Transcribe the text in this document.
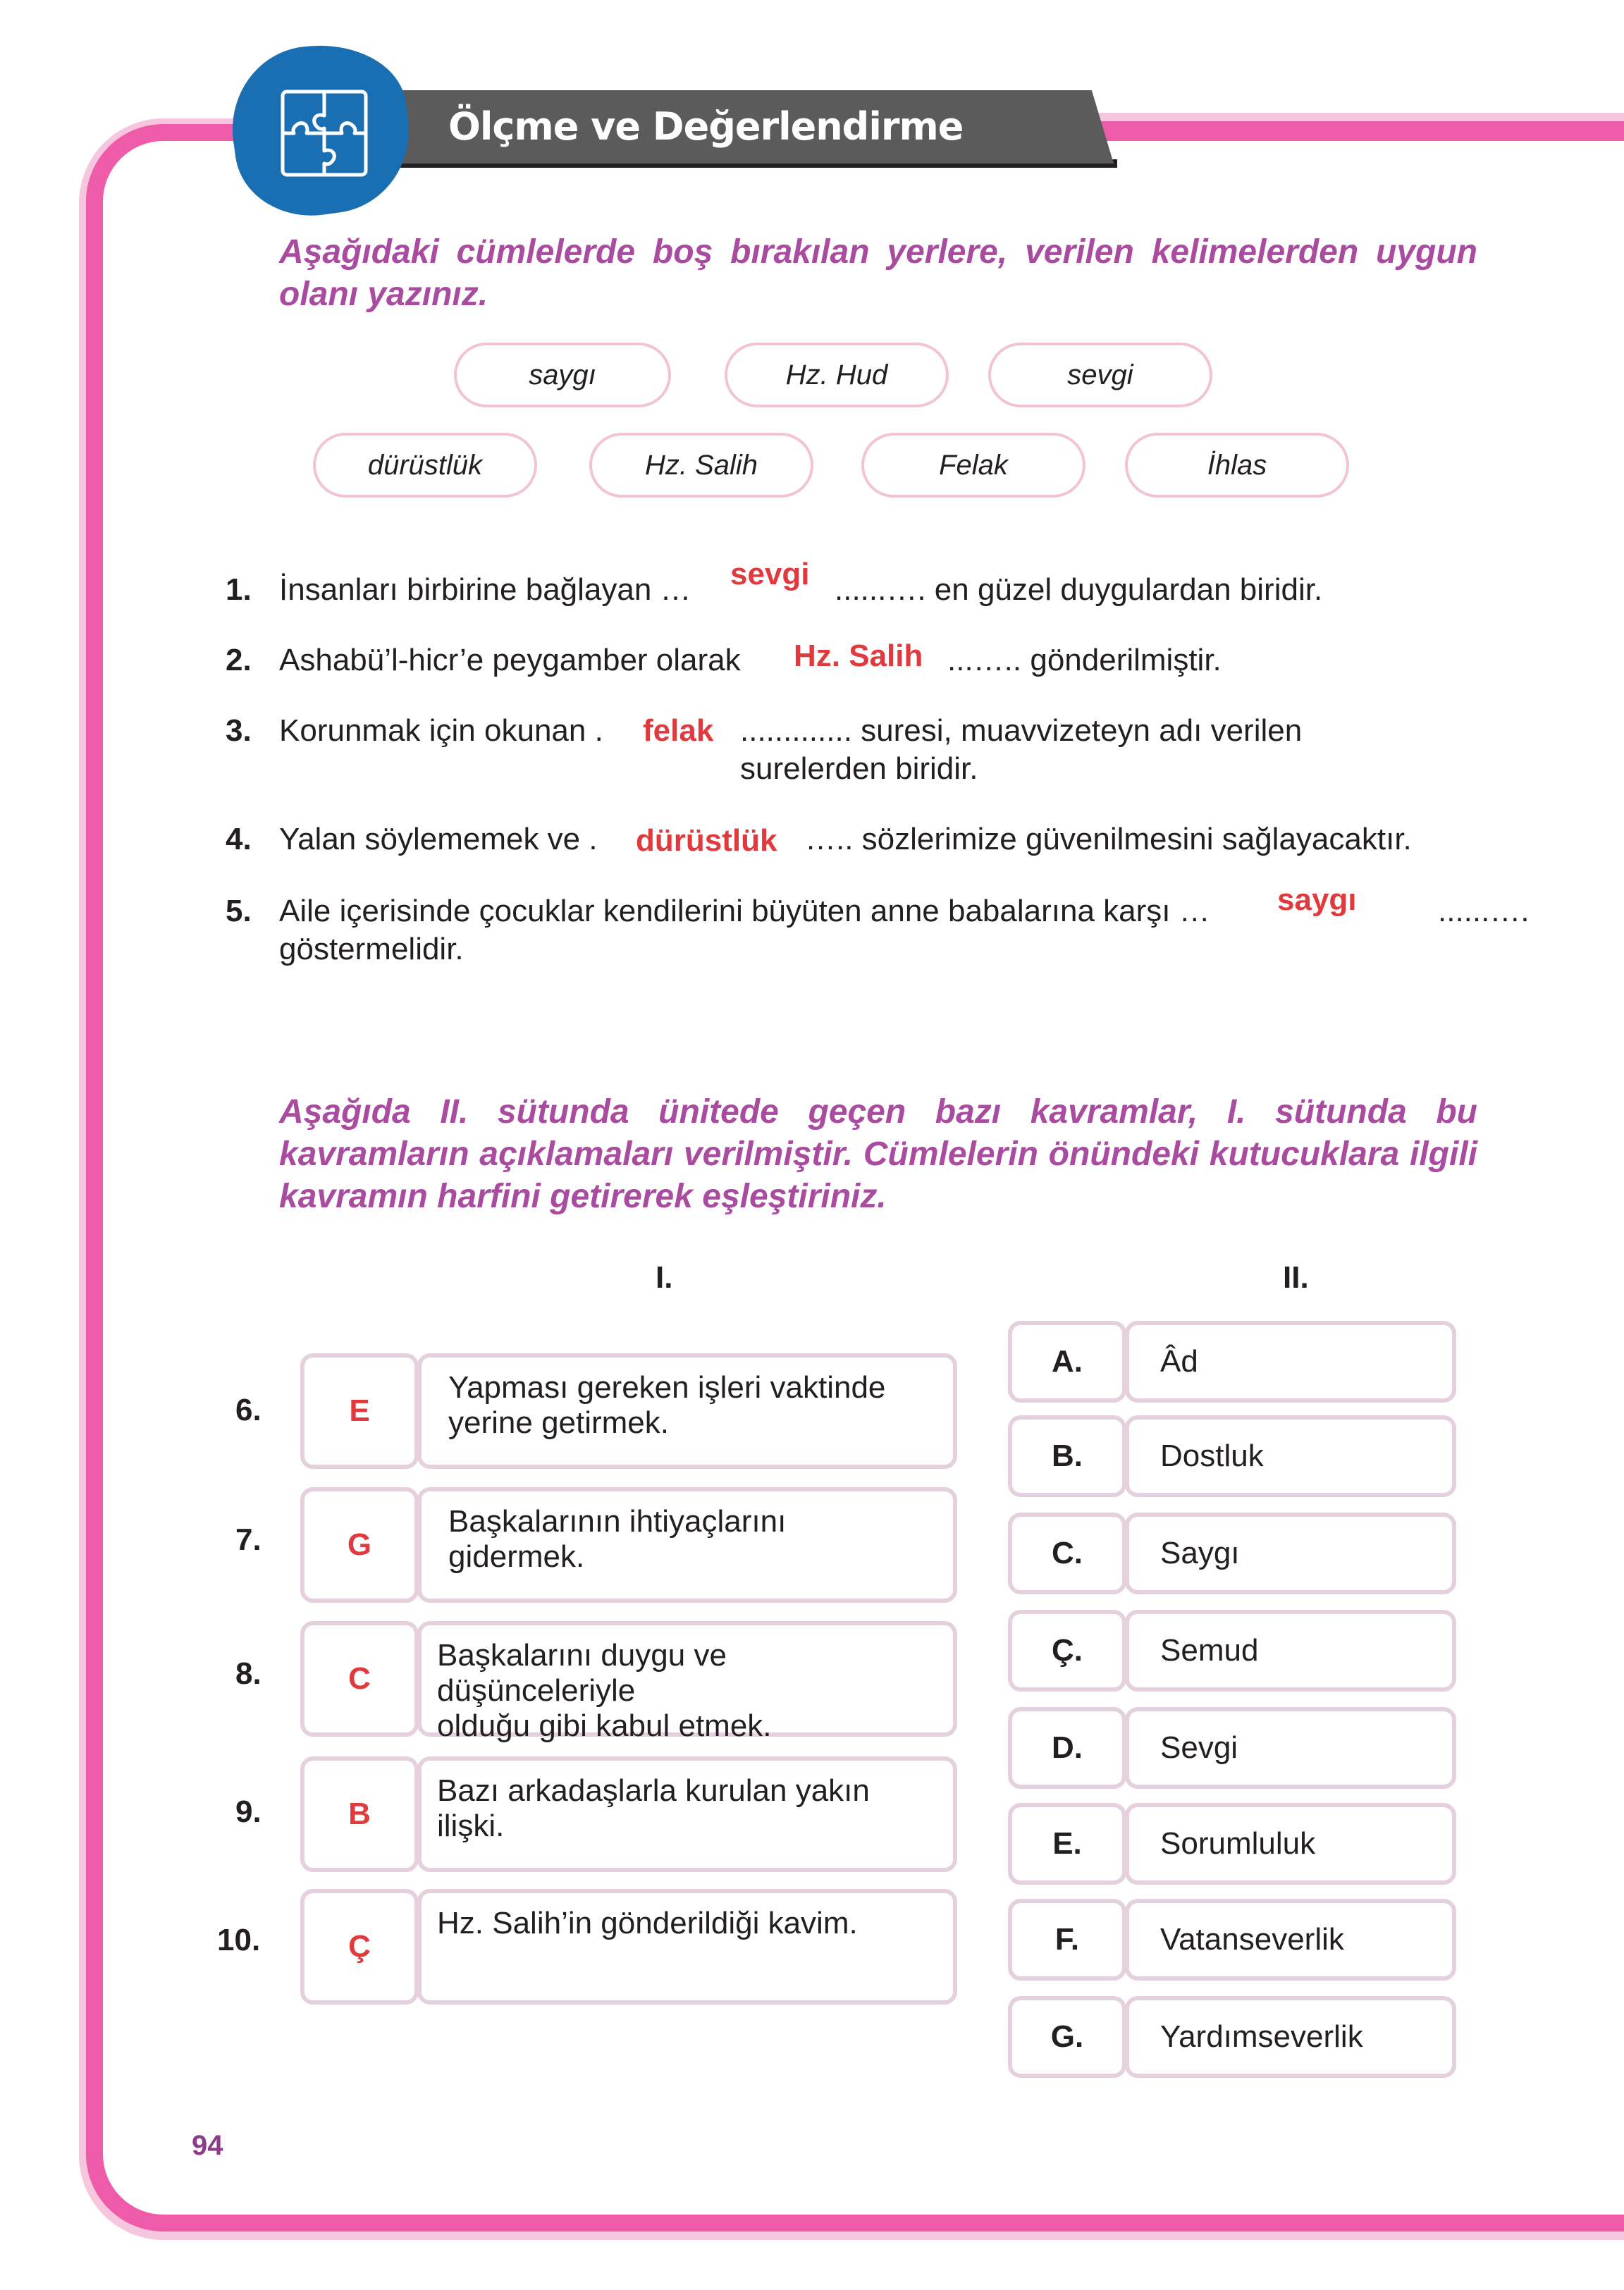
Ölçme ve Değerlendirme
Aşağıdaki cümlelerde boş bırakılan yerlere, verilen kelimelerden uygun olanı yazınız.
saygı	Hz. Hud	sevgi
dürüstlük	Hz. Salih	Felak	İhlas
1. İnsanları birbirine bağlayan …	sevgi ......…. en güzel duygulardan biridir.
2. Ashabü’l-hicr’e peygamber olarak	Hz. Salih ...….. gönderilmiştir.
3. Korunmak için okunan .	felak ............. suresi, muavvizeteyn adı verilen
surelerden biridir.
4. Yalan söylememek ve .	dürüstlük ….. sözlerimize güvenilmesini sağlayacaktır.
5. Aile içerisinde çocuklar kendilerini büyüten anne babalarına karşı …	saygı	......….
göstermelidir.
Aşağıda II. sütunda ünitede geçen bazı kavramlar, I. sütunda bu kavramların açıklamaları verilmiştir. Cümlelerin önündeki kutucuklara ilgili kavramın harfini getirerek eşleştiriniz.
I.	II.
6.	E
Yapması gereken işleri vaktinde
yerine getirmek.
7.	G
Başkalarının ihtiyaçlarını
gidermek.
8.	C
Başkalarını duygu ve düşünceleriyle
olduğu gibi kabul etmek.
9.	B
Bazı arkadaşlarla kurulan yakın
ilişki.
10.	Ç
Hz. Salih’in gönderildiği kavim.
A.	Âd
B.	Dostluk
C.	Saygı
Ç.	Semud
D.	Sevgi
E.	Sorumluluk
F.	Vatanseverlik
G.	Yardımseverlik
94
